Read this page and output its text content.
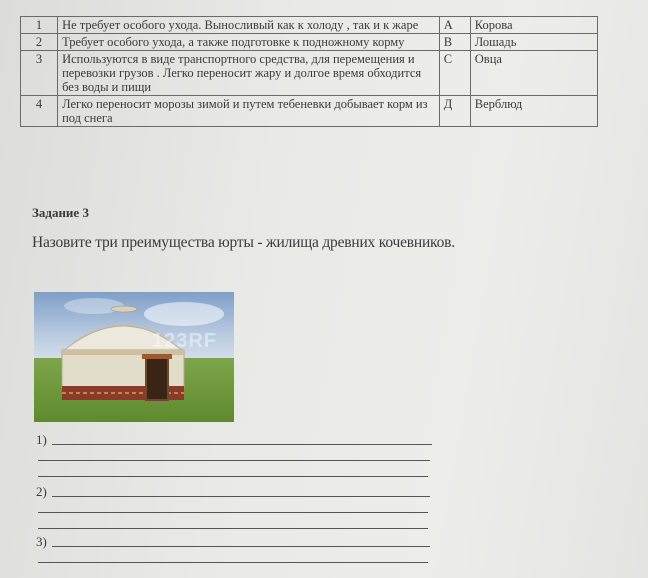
1	Не требует особого ухода. Выносливый как к холоду , так и к жаре	А	Корова
2	Требует особого ухода, а также подготовке к подножному корму	В	Лошадь
3	Используются в виде транспортного средства, для перемещения и перевозки грузов . Легко переносит жару и долгое время обходится без воды и пищи	С	Овца
4	Легко переносит морозы зимой и путем тебеневки добывает корм из под снега	Д	Верблюд
Задание 3
Назовите три преимущества юрты - жилища древних кочевников.
123RF
1)
2)
3)
